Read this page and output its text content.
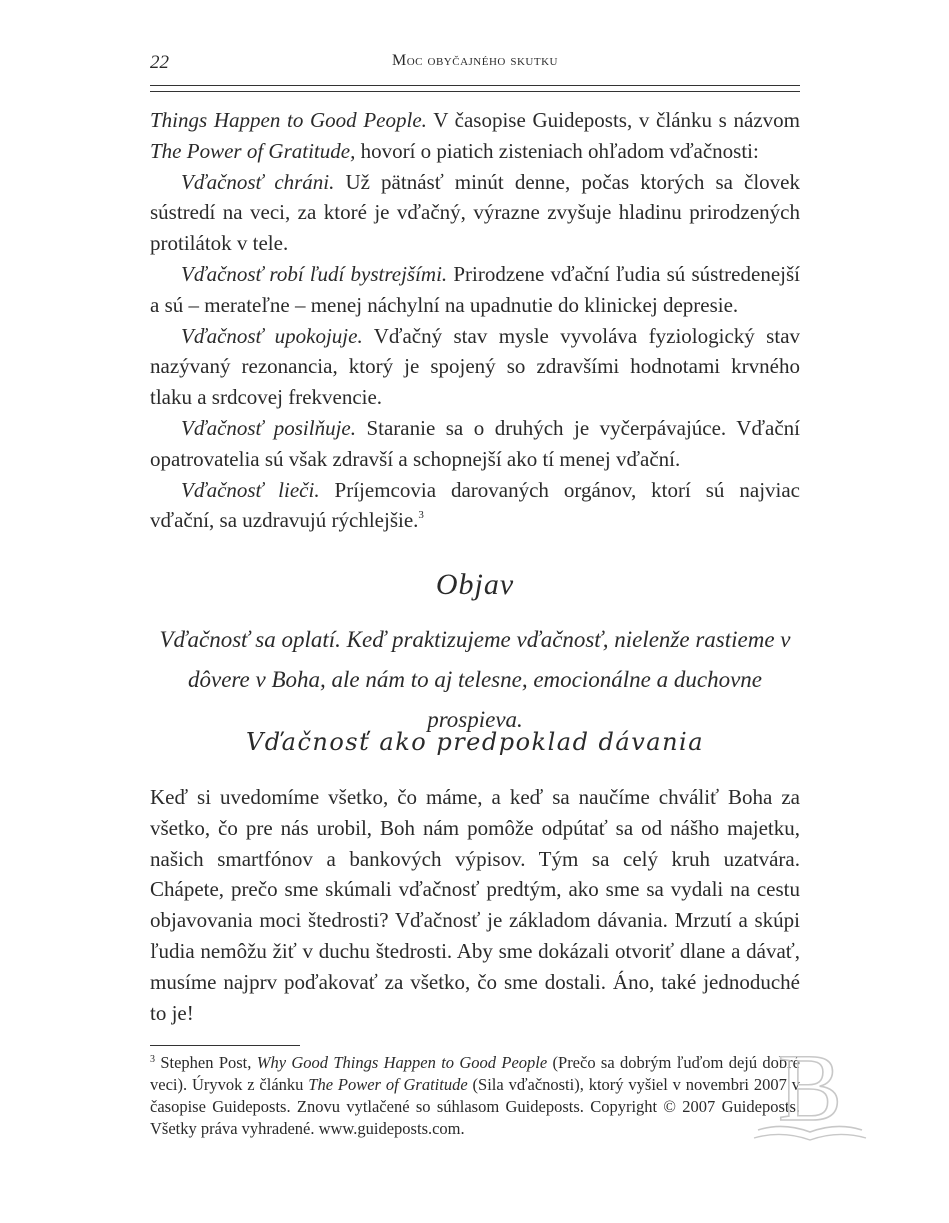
22	Moc obyčajného skutku

Things Happen to Good People. V časopise Guideposts, v článku s názvom The Power of Gratitude, hovorí o piatich zisteniach ohľadom vďačnosti:

Vďačnosť chráni. Už pätnásť minút denne, počas ktorých sa človek sústredí na veci, za ktoré je vďačný, výrazne zvyšuje hladinu prirodzených protilátok v tele.

Vďačnosť robí ľudí bystrejšími. Prirodzene vďační ľudia sú sústredenejší a sú – merateľne – menej náchylní na upadnutie do klinickej depresie.

Vďačnosť upokojuje. Vďačný stav mysle vyvoláva fyziologický stav nazývaný rezonancia, ktorý je spojený so zdravšími hodnotami krvného tlaku a srdcovej frekvencie.

Vďačnosť posilňuje. Staranie sa o druhých je vyčerpávajúce. Vďační opatrovatelia sú však zdravší a schopnejší ako tí menej vďační.

Vďačnosť lieči. Príjemcovia darovaných orgánov, ktorí sú najviac vďační, sa uzdravujú rýchlejšie.$^3$

Objav
Vďačnosť sa oplatí. Keď praktizujeme vďačnosť, nielenže rastieme v dôvere v Boha, ale nám to aj telesne, emocionálne a duchovne prospieva.
Vďačnosť ako predpoklad dávania

Keď si uvedomíme všetko, čo máme, a keď sa naučíme chváliť Boha za všetko, čo pre nás urobil, Boh nám pomôže odpútať sa od nášho majetku, našich smartfónov a bankových výpisov. Tým sa celý kruh uzatvára. Chápete, prečo sme skúmali vďačnosť predtým, ako sme sa vydali na cestu objavovania moci štedrosti? Vďačnosť je základom dávania. Mrzutí a skúpi ľudia nemôžu žiť v duchu štedrosti. Aby sme dokázali otvoriť dlane a dávať, musíme najprv poďakovať za všetko, čo sme dostali. Áno, také jednoduché to je!

$^3$ Stephen Post, Why Good Things Happen to Good People (Prečo sa dobrým ľuďom dejú dobré veci). Úryvok z článku The Power of Gratitude (Sila vďačnosti), ktorý vyšiel v novembri 2007 v časopise Guideposts. Znovu vytlačené so súhlasom Guideposts. Copyright © 2007 Guideposts. Všetky práva vyhradené. www.guideposts.com.	B
